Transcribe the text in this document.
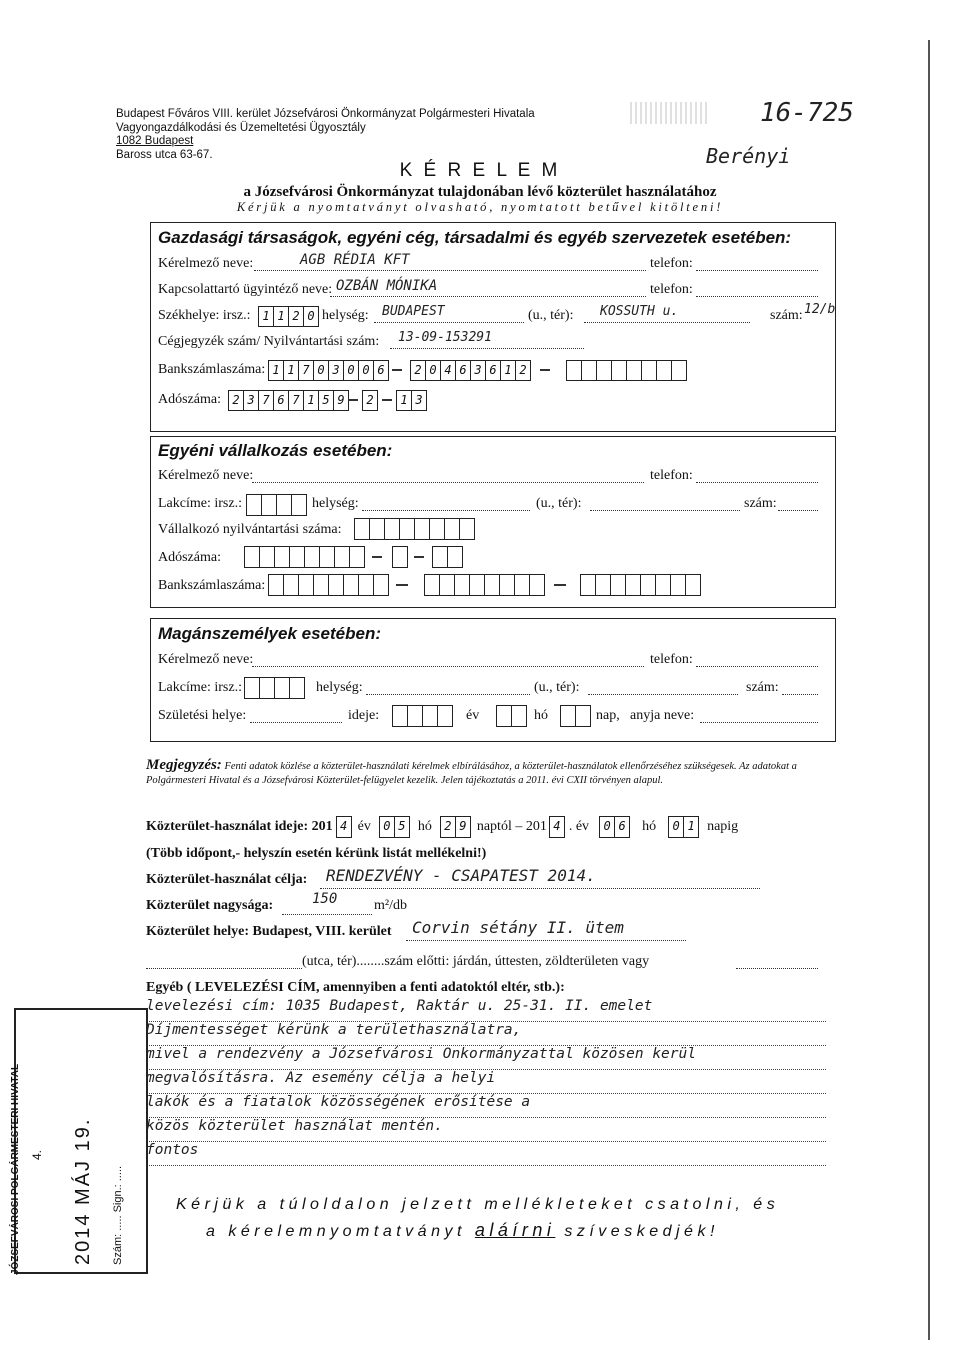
Budapest Főváros VIII. kerület Józsefvárosi Önkormányzat Polgármesteri Hivatala
Vagyongazdálkodási és Üzemeltetési Ügyosztály
1082 Budapest
Baross utca 63-67.
16-725
Berényi
K É R E L E M
a Józsefvárosi Önkormányzat tulajdonában lévő közterület használatához
Kérjük a nyomtatványt olvasható, nyomtatott betűvel kitölteni!
Gazdasági társaságok, egyéni cég, társadalmi és egyéb szervezetek esetében:
Kérelmező neve:	AGB RÉDIA KFT	telefon:
Kapcsolattartó ügyintéző neve: OZBÁN MÓNIKA	telefon:
Székhelye: irsz.: 1 1 2 0 helység: BUDAPEST	(u., tér): KOSSUTH u.	szám: 12/b
Cégjegyzék szám/ Nyilvántartási szám: 13-09-153291
Bankszámlaszáma: 1 1 7 0 3 0 0 6	2 0 4 6 3 6 1 2
Adószáma: 2 3 7 6 7 1 5 9	2	1 3
Egyéni vállalkozás esetében:
Kérelmező neve:	telefon:
Lakcíme: irsz.:	helység:	(u., tér):	szám:
Vállalkozó nyilvántartási száma:
Adószáma:
Bankszámlaszáma:
Magánszemélyek esetében:
Kérelmező neve:	telefon:
Lakcíme: irsz.:	helység:	(u., tér):	szám:
Születési helye:	ideje:	év	hó	nap, anyja neve:
Megjegyzés: Fenti adatok közlése a közterület-használati kérelmek elbírálásához, a közterület-használatok ellenőrzéséhez szükségesek. Az adatokat a Polgármesteri Hivatal és a Józsefvárosi Közterület-felügyelet kezelik. Jelen tájékoztatás a 2011. évi CXII törvényen alapul.
Közterület-használat ideje: 201 4 év	0 5 hó	2 9 naptól – 201 4 . év	0 6	hó	0 1 napig
(Több időpont,- helyszín esetén kérünk listát mellékelni!)
Közterület-használat célja: RENDEZVÉNY - CSAPATEST 2014.
Közterület nagysága:	150	m²/db
Közterület helye: Budapest, VIII. kerület Corvin sétány II. ütem
(utca, tér)........szám előtti: járdán, úttesten, zöldterületen vagy
Egyéb ( LEVELEZÉSI CÍM, amennyiben a fenti adatoktól eltér, stb.):
levelezési cím: 1035 Budapest, Raktár u. 25-31. II. emelet
Díjmentességet kérünk a területhasználatra,
mivel a rendezvény a Józsefvárosi Önkormányzattal közösen kerül
megvalósításra. Az esemény célja a helyi
lakók és a fiatalok közösségének erősítése a
közös közterület használat mentén.
fontos
Kérjük a túloldalon jelzett mellékleteket csatolni, és
a kérelemnyomtatványt aláírni szíveskedjék!
JÓZSEFVÁROSI POLGÁRMESTERI HIVATAL 4. 2014 MÁJ 19. Szám: ..... Sign.: .....
